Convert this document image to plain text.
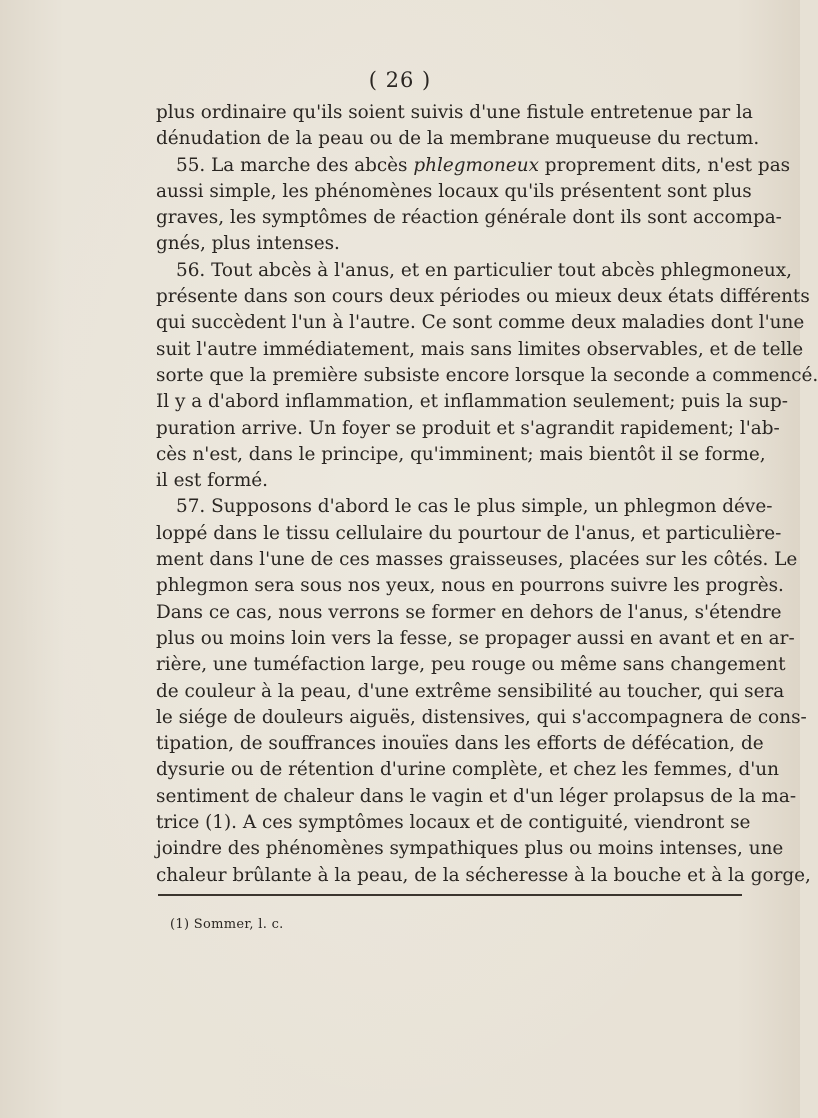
( 26 )
plus ordinaire qu'ils soient suivis d'une fistule entretenue par la
dénudation de la peau ou de la membrane muqueuse du rectum.
55. La marche des abcès phlegmoneux proprement dits, n'est pas
aussi simple, les phénomènes locaux qu'ils présentent sont plus
graves, les symptômes de réaction générale dont ils sont accompa-
gnés, plus intenses.
56. Tout abcès à l'anus, et en particulier tout abcès phlegmoneux,
présente dans son cours deux périodes ou mieux deux états différents
qui succèdent l'un à l'autre. Ce sont comme deux maladies dont l'une
suit l'autre immédiatement, mais sans limites observables, et de telle
sorte que la première subsiste encore lorsque la seconde a commencé.
Il y a d'abord inflammation, et inflammation seulement; puis la sup-
puration arrive. Un foyer se produit et s'agrandit rapidement; l'ab-
cès n'est, dans le principe, qu'imminent; mais bientôt il se forme,
il est formé.
57. Supposons d'abord le cas le plus simple, un phlegmon déve-
loppé dans le tissu cellulaire du pourtour de l'anus, et particulière-
ment dans l'une de ces masses graisseuses, placées sur les côtés. Le
phlegmon sera sous nos yeux, nous en pourrons suivre les progrès.
Dans ce cas, nous verrons se former en dehors de l'anus, s'étendre
plus ou moins loin vers la fesse, se propager aussi en avant et en ar-
rière, une tuméfaction large, peu rouge ou même sans changement
de couleur à la peau, d'une extrême sensibilité au toucher, qui sera
le siége de douleurs aiguës, distensives, qui s'accompagnera de cons-
tipation, de souffrances inouïes dans les efforts de défécation, de
dysurie ou de rétention d'urine complète, et chez les femmes, d'un
sentiment de chaleur dans le vagin et d'un léger prolapsus de la ma-
trice (1). A ces symptômes locaux et de contiguité, viendront se
joindre des phénomènes sympathiques plus ou moins intenses, une
chaleur brûlante à la peau, de la sécheresse à la bouche et à la gorge,
(1) Sommer, l. c.
